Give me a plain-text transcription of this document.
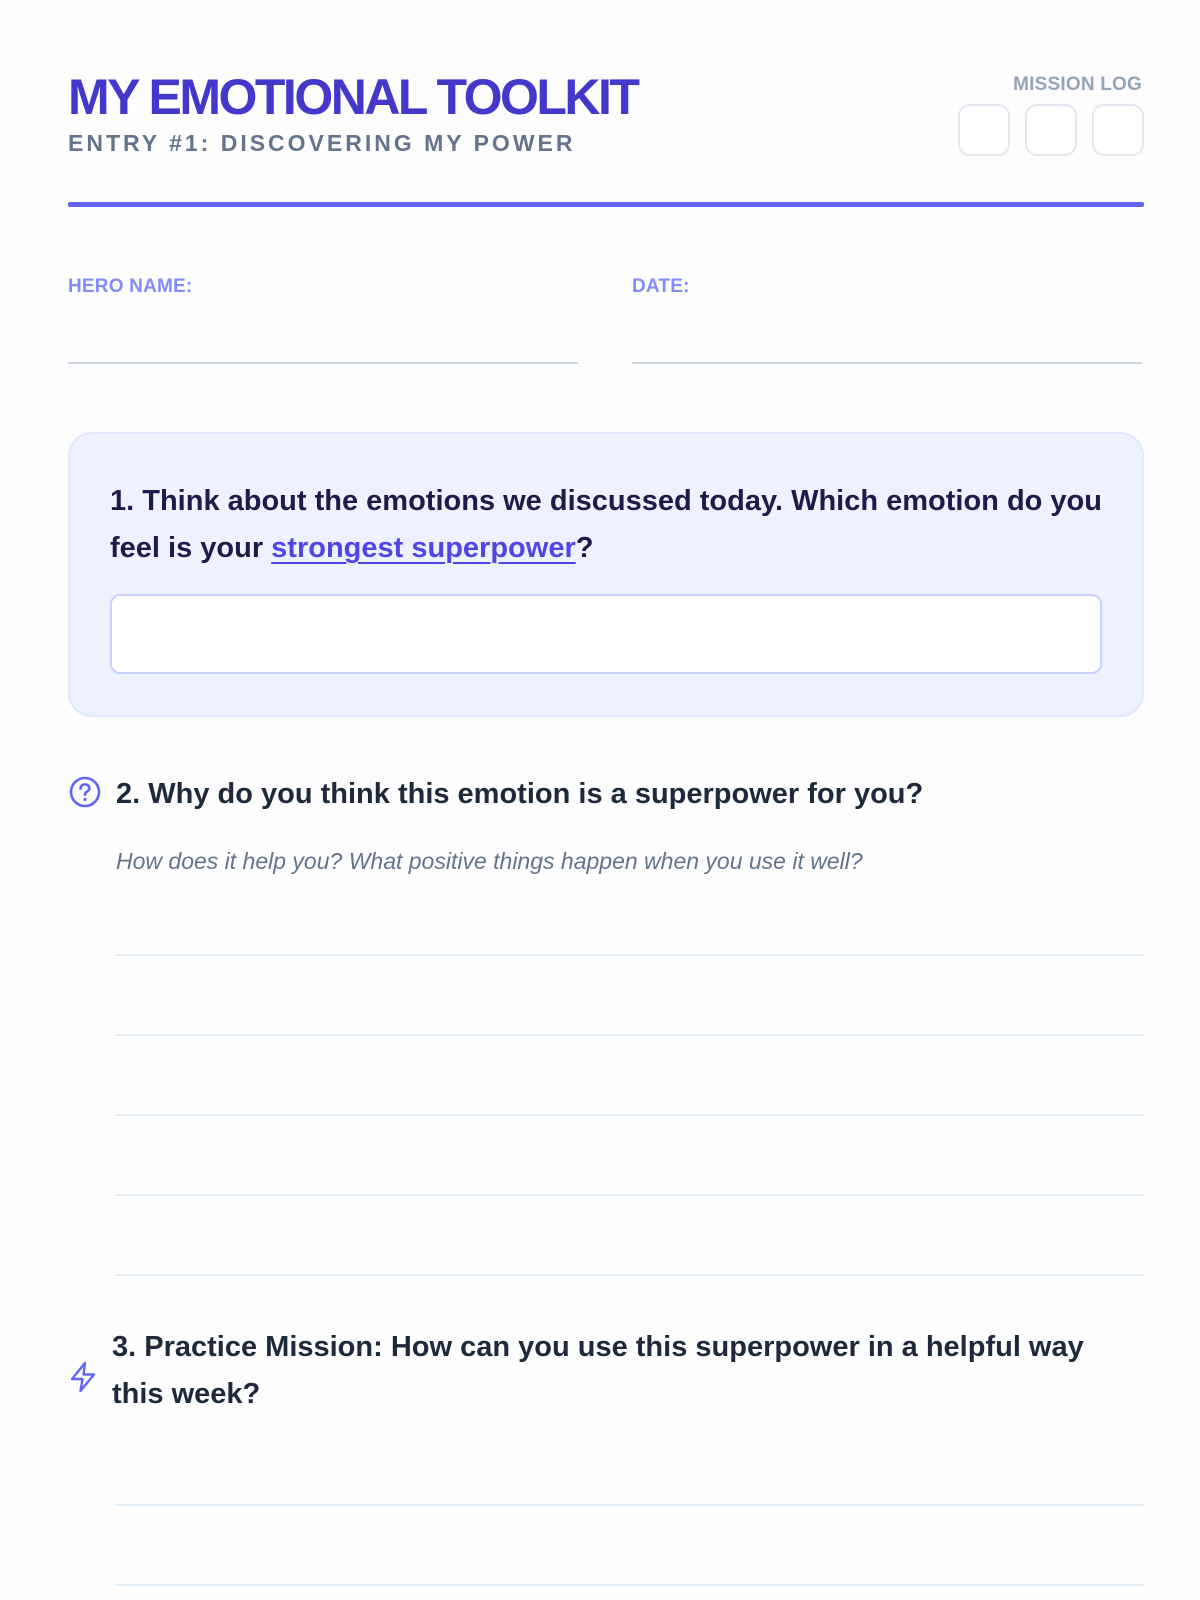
MY EMOTIONAL TOOLKIT
ENTRY #1: DISCOVERING MY POWER
MISSION LOG
HERO NAME:	DATE:
1. Think about the emotions we discussed today. Which emotion do you feel is your strongest superpower?
2. Why do you think this emotion is a superpower for you?
How does it help you? What positive things happen when you use it well?
3. Practice Mission: How can you use this superpower in a helpful way this week?
